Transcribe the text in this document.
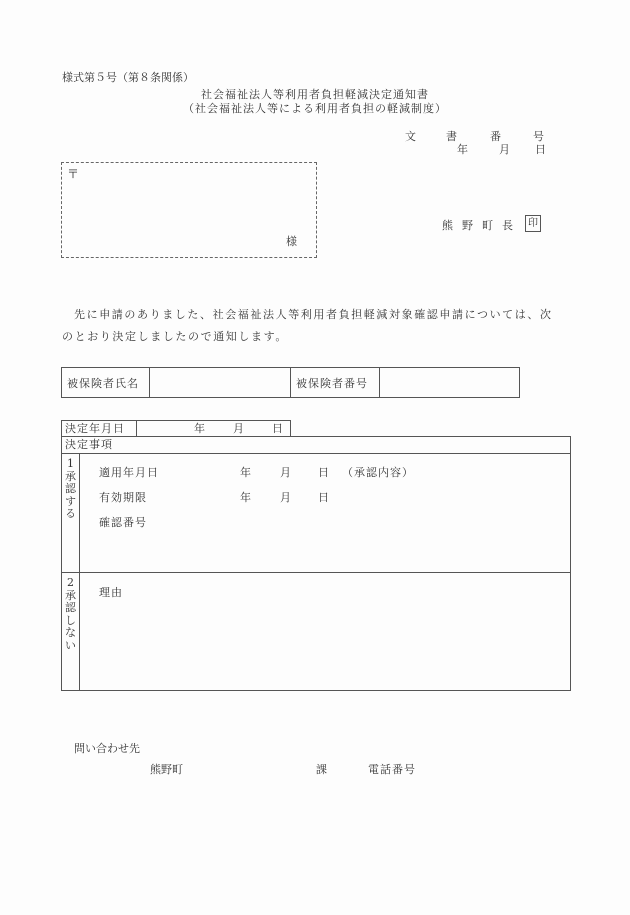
様式第５号（第８条関係）
社会福祉法人等利用者負担軽減決定通知書
（社会福祉法人等による利用者負担の軽減制度）
文	書	番	号
年	月 日
〒
様
熊 野 町 長	印
先に申請のありました、社会福祉法人等利用者負担軽減対象確認申請については、次
のとおり決定しましたので通知します。
被保険者氏名	被保険者番号
決定年月日	年	月	日
決定事項
1
承
認
す
る
適用年月日	年	月 日 （承認内容）
有効期限	年	月 日
確認番号
2
承
認
し
な
い
理由
問い合わせ先
熊野町	課	電話番号
